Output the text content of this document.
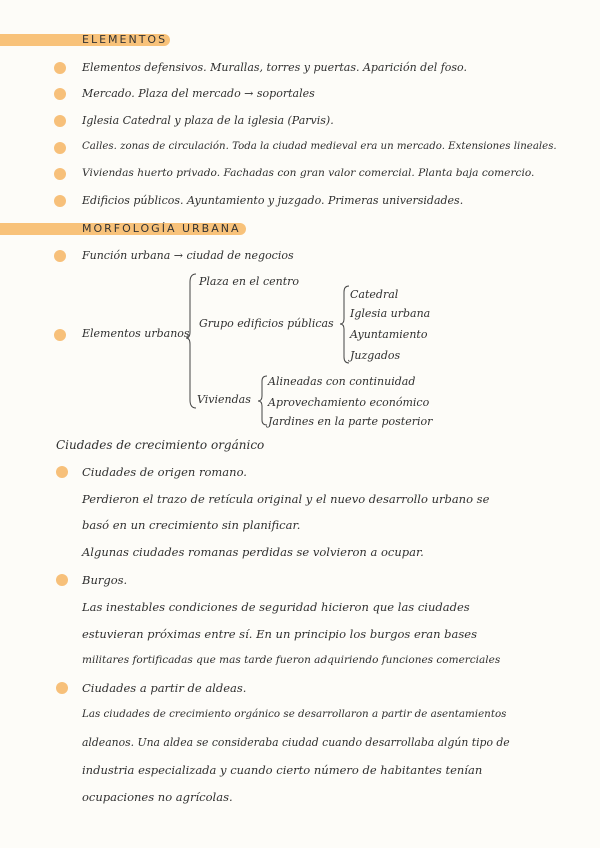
ELEMENTOS
Elementos defensivos. Murallas, torres y puertas. Aparición del foso.
Mercado. Plaza del mercado → soportales
Iglesia Catedral y plaza de la iglesia (Parvis).
Calles. zonas de circulación. Toda la ciudad medieval era un mercado. Extensiones lineales.
Viviendas huerto privado. Fachadas con gran valor comercial. Planta baja comercio.
Edificios públicos. Ayuntamiento y juzgado. Primeras universidades.
MORFOLOGÍA URBANA
Función urbana → ciudad de negocios
Elementos urbanos
Plaza en el centro
Grupo edificios públicas
Catedral
Iglesia urbana
Ayuntamiento
Juzgados
Viviendas
Alineadas con continuidad
Aprovechamiento económico
Jardines en la parte posterior
Ciudades de crecimiento orgánico
Ciudades de origen romano.
Perdieron el trazo de retícula original y el nuevo desarrollo urbano se
basó en un crecimiento sin planificar.
Algunas ciudades romanas perdidas se volvieron a ocupar.
Burgos.
Las inestables condiciones de seguridad hicieron que las ciudades
estuvieran próximas entre sí. En un principio los burgos eran bases
militares fortificadas que mas tarde fueron adquiriendo funciones comerciales
Ciudades a partir de aldeas.
Las ciudades de crecimiento orgánico se desarrollaron a partir de asentamientos
aldeanos. Una aldea se consideraba ciudad cuando desarrollaba algún tipo de
industria especializada y cuando cierto número de habitantes tenían
ocupaciones no agrícolas.
